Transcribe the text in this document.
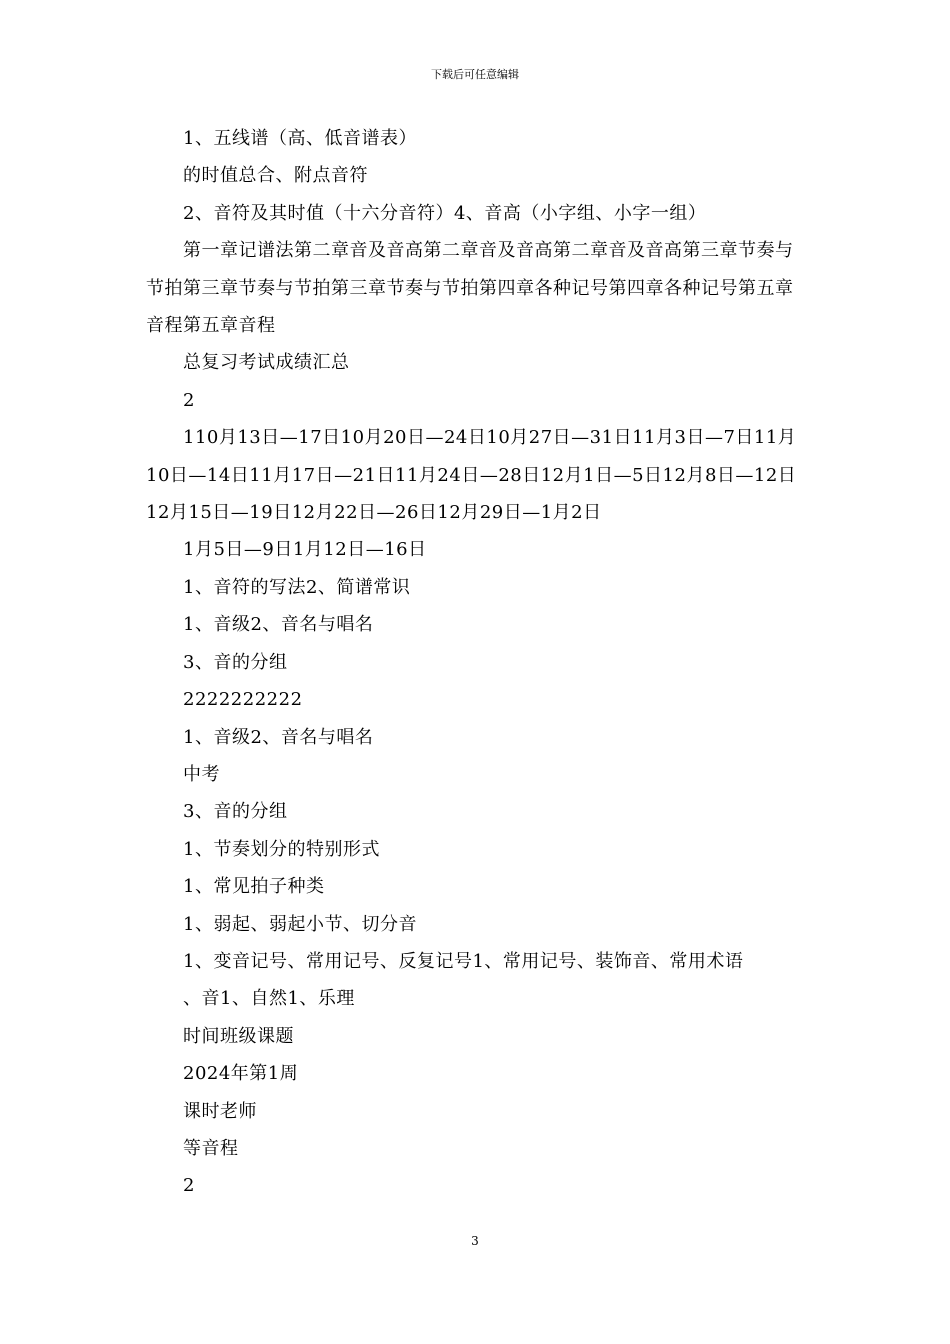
下载后可任意编辑

1、五线谱（高、低音谱表）

的时值总合、附点音符

2、音符及其时值（十六分音符）4、音高（小字组、小字一组）

第一章记谱法第二章音及音高第二章音及音高第二章音及音高第三章节奏与节拍第三章节奏与节拍第三章节奏与节拍第四章各种记号第四章各种记号第五章音程第五章音程

总复习考试成绩汇总

2

110月13日—17日10月20日—24日10月27日—31日11月3日—7日11月10日—14日11月17日—21日11月24日—28日12月1日—5日12月8日—12日12月15日—19日12月22日—26日12月29日—1月2日

1月5日—9日1月12日—16日

1、音符的写法2、简谱常识

1、音级2、音名与唱名

3、音的分组

2222222222

1、音级2、音名与唱名

中考

3、音的分组

1、节奏划分的特别形式

1、常见拍子种类

1、弱起、弱起小节、切分音

1、变音记号、常用记号、反复记号1、常用记号、装饰音、常用术语

、音1、自然1、乐理

时间班级课题

2024年第1周

课时老师

等音程

2

3
